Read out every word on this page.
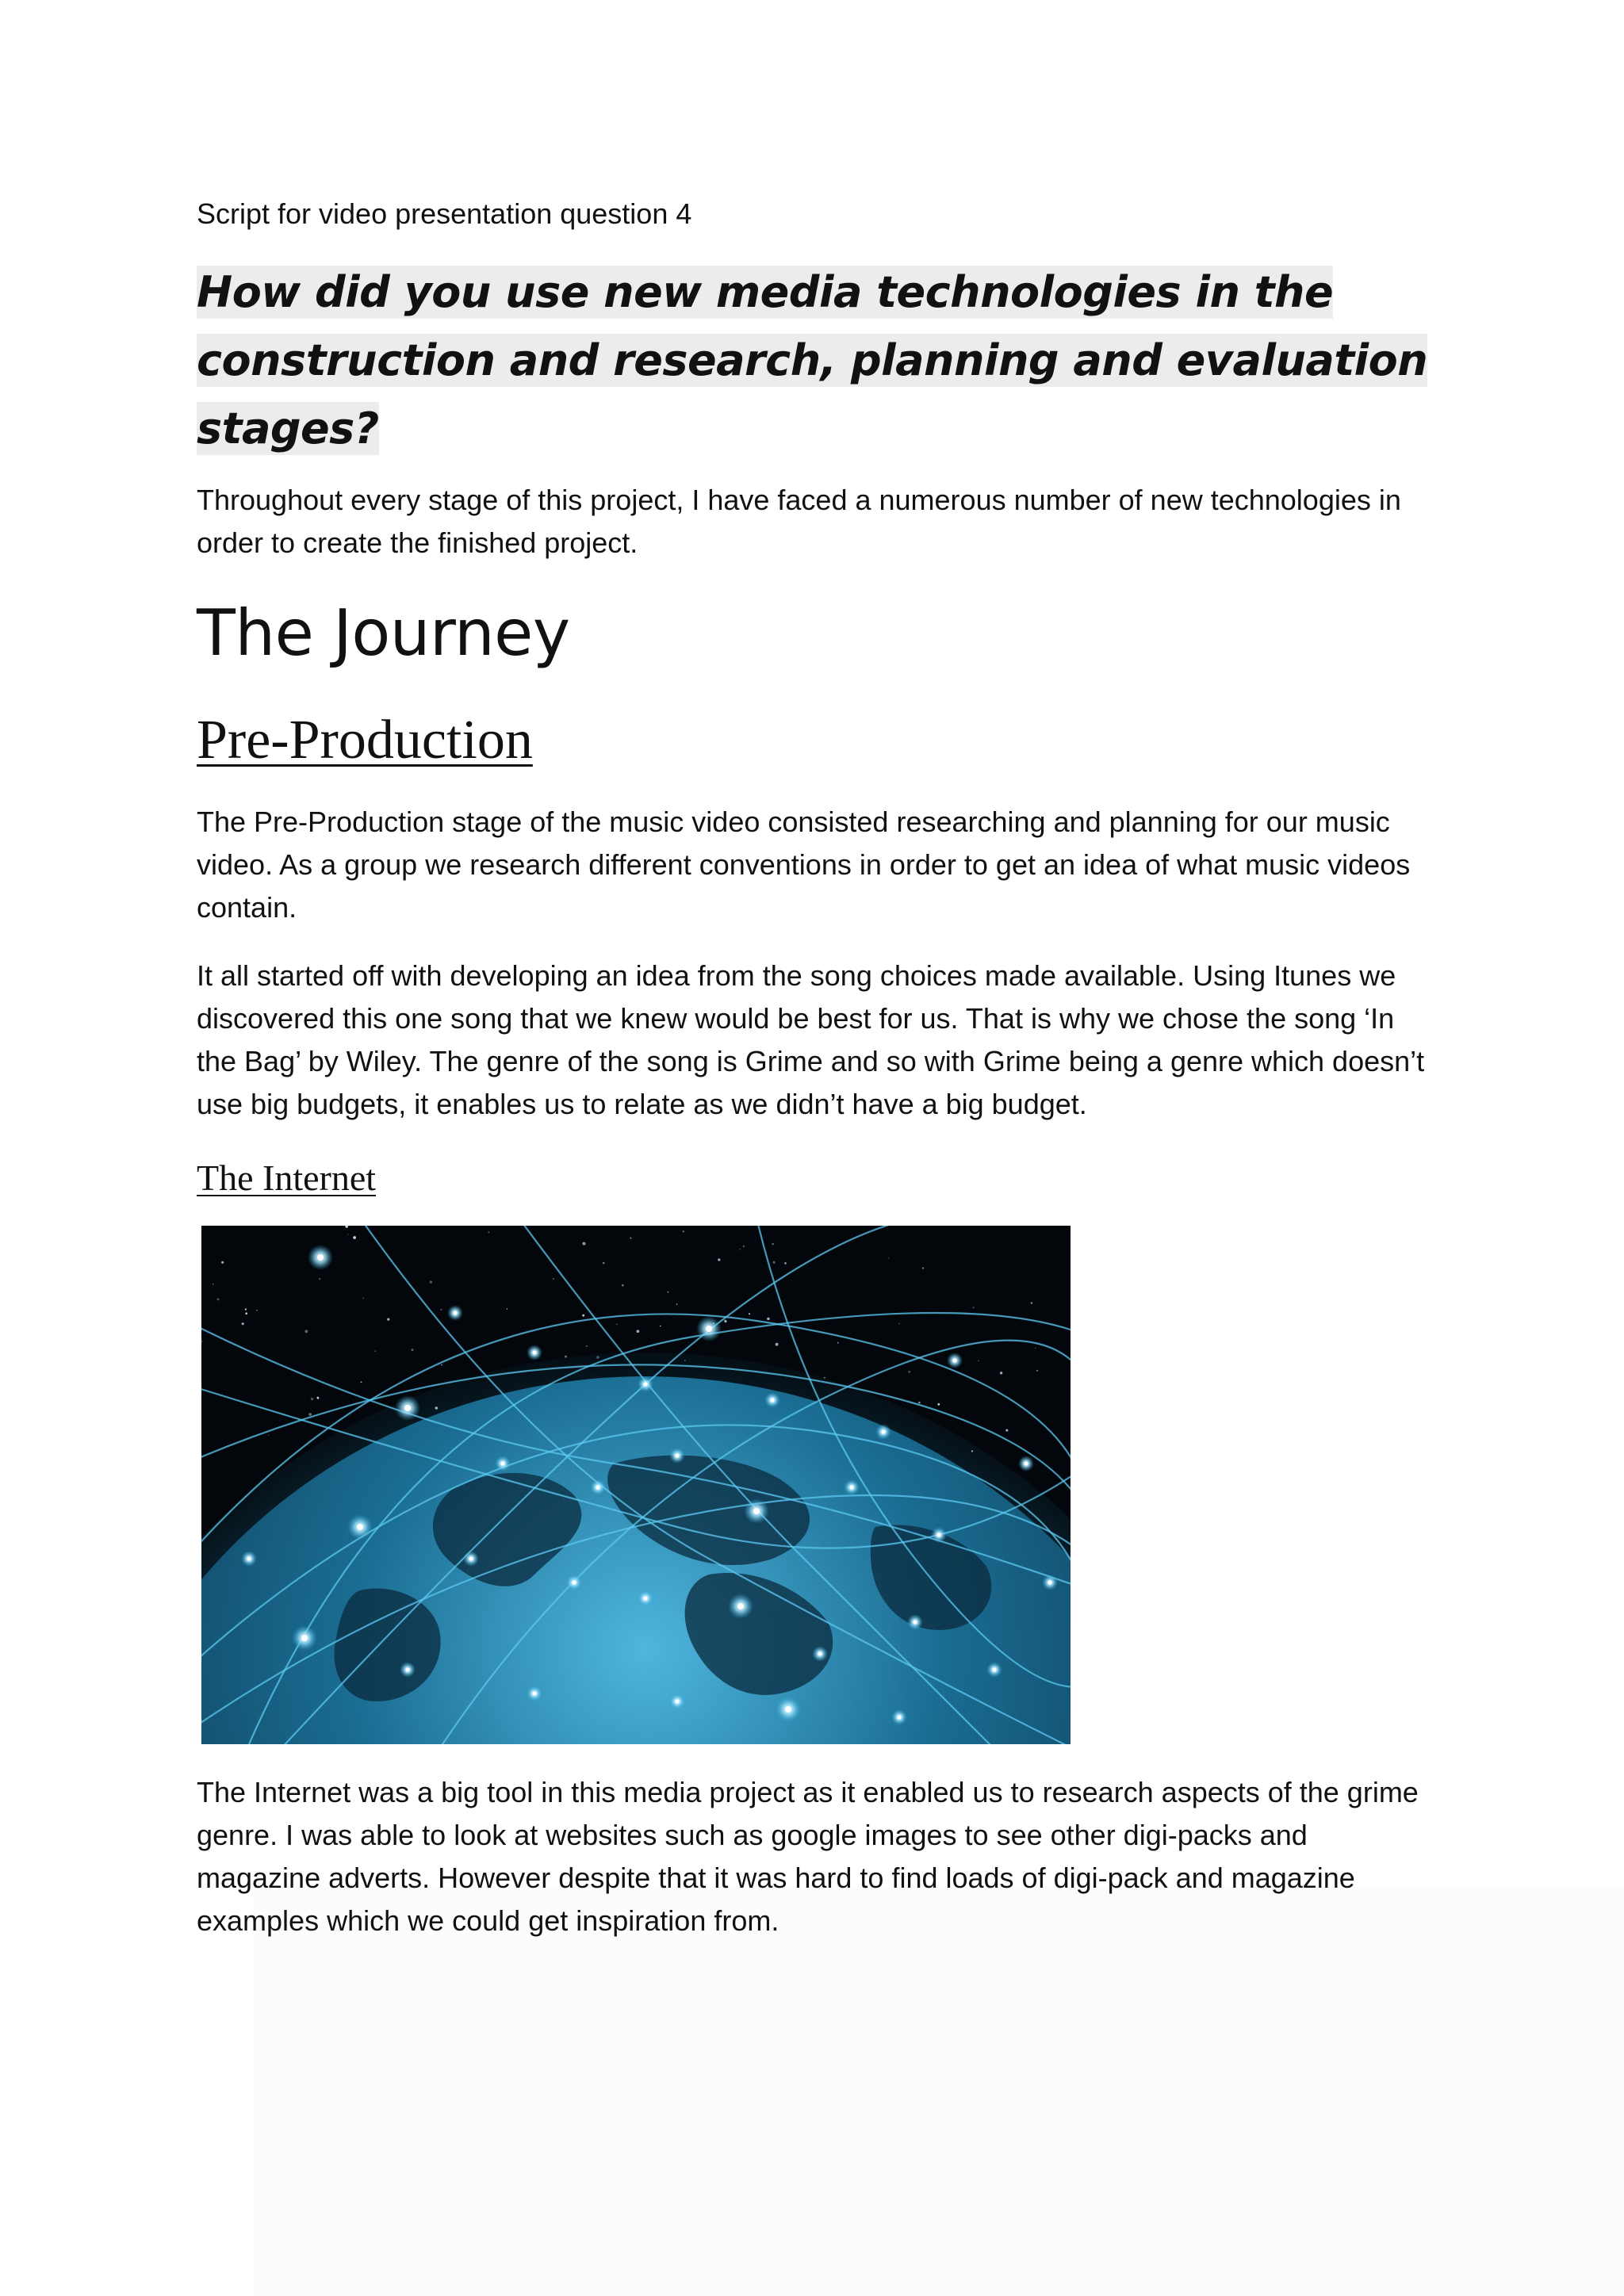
Script for video presentation question 4

How did you use new media technologies in the construction and research, planning and evaluation stages?

Throughout every stage of this project, I have faced a numerous number of new technologies in order to create the finished project.

The Journey
Pre-Production

The Pre-Production stage of the music video consisted researching and planning for our music video. As a group we research different conventions in order to get an idea of what music videos contain.

It all started off with developing an idea from the song choices made available. Using Itunes we discovered this one song that we knew would be best for us. That is why we chose the song ‘In the Bag’ by Wiley. The genre of the song is Grime and so with Grime being a genre which doesn’t use big budgets, it enables us to relate as we didn’t have a big budget.

The Internet

The Internet was a big tool in this media project as it enabled us to research aspects of the grime genre. I was able to look at websites such as google images to see other digi-packs and magazine adverts. However despite that it was hard to find loads of digi-pack and magazine examples which we could get inspiration from.
